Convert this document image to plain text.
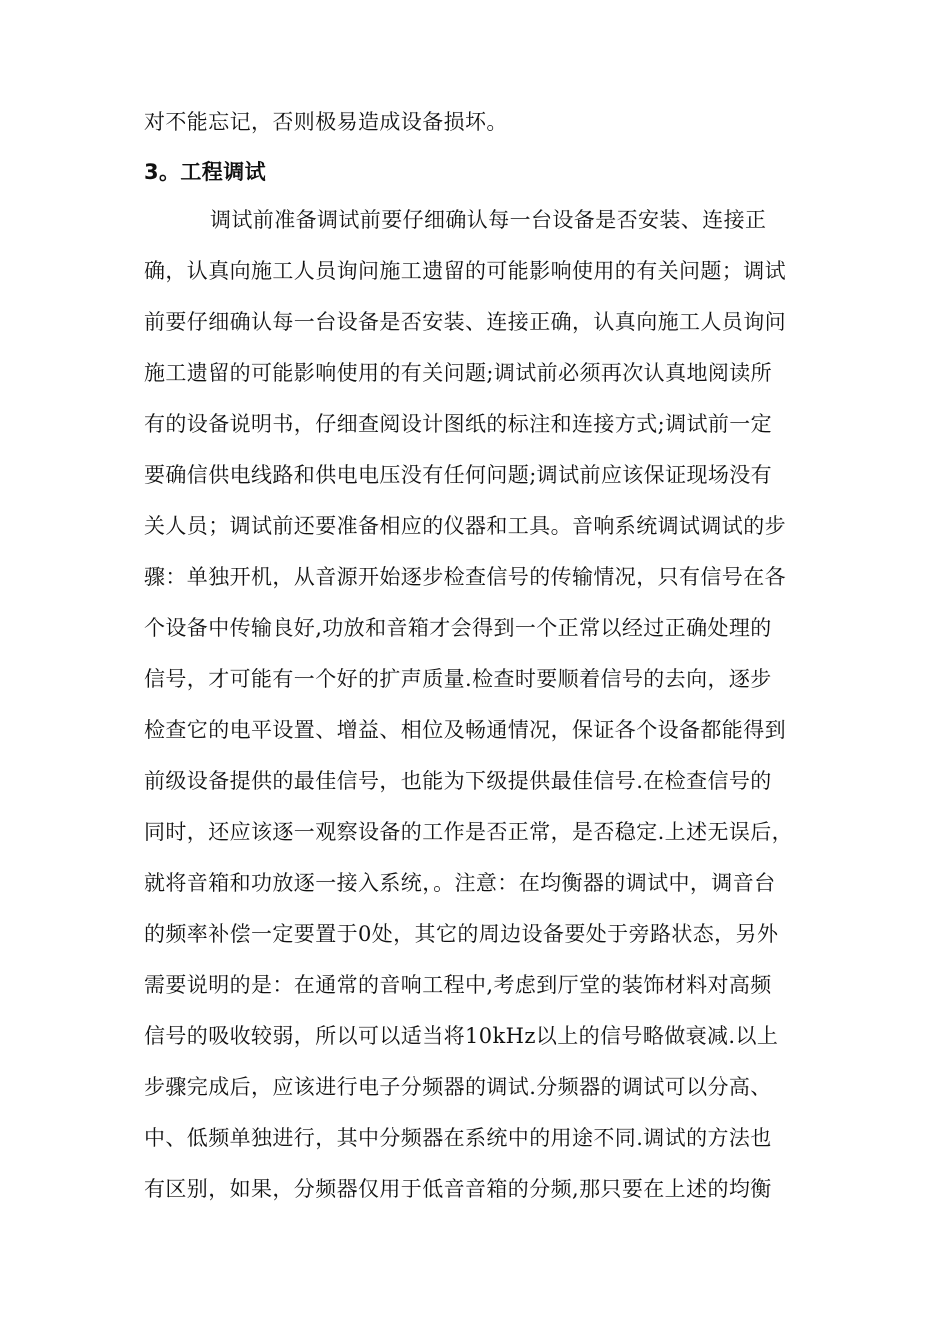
对不能忘记，否则极易造成设备损坏。
3。工程调试
调试前准备调试前要仔细确认每一台设备是否安装、连接正
确，认真向施工人员询问施工遗留的可能影响使用的有关问题；调试
前要仔细确认每一台设备是否安装、连接正确，认真向施工人员询问
施工遗留的可能影响使用的有关问题;调试前必须再次认真地阅读所
有的设备说明书，仔细查阅设计图纸的标注和连接方式;调试前一定
要确信供电线路和供电电压没有任何问题;调试前应该保证现场没有
关人员；调试前还要准备相应的仪器和工具。音响系统调试调试的步
骤：单独开机，从音源开始逐步检查信号的传输情况，只有信号在各
个设备中传输良好,功放和音箱才会得到一个正常以经过正确处理的
信号，才可能有一个好的扩声质量.检查时要顺着信号的去向，逐步
检查它的电平设置、增益、相位及畅通情况，保证各个设备都能得到
前级设备提供的最佳信号，也能为下级提供最佳信号.在检查信号的
同时，还应该逐一观察设备的工作是否正常，是否稳定.上述无误后，
就将音箱和功放逐一接入系统，。注意：在均衡器的调试中，调音台
的频率补偿一定要置于0处，其它的周边设备要处于旁路状态，另外
需要说明的是：在通常的音响工程中,考虑到厅堂的装饰材料对高频
信号的吸收较弱，所以可以适当将10kHz以上的信号略做衰减.以上
步骤完成后，应该进行电子分频器的调试.分频器的调试可以分高、
中、低频单独进行，其中分频器在系统中的用途不同.调试的方法也
有区别，如果，分频器仅用于低音音箱的分频,那只要在上述的均衡
